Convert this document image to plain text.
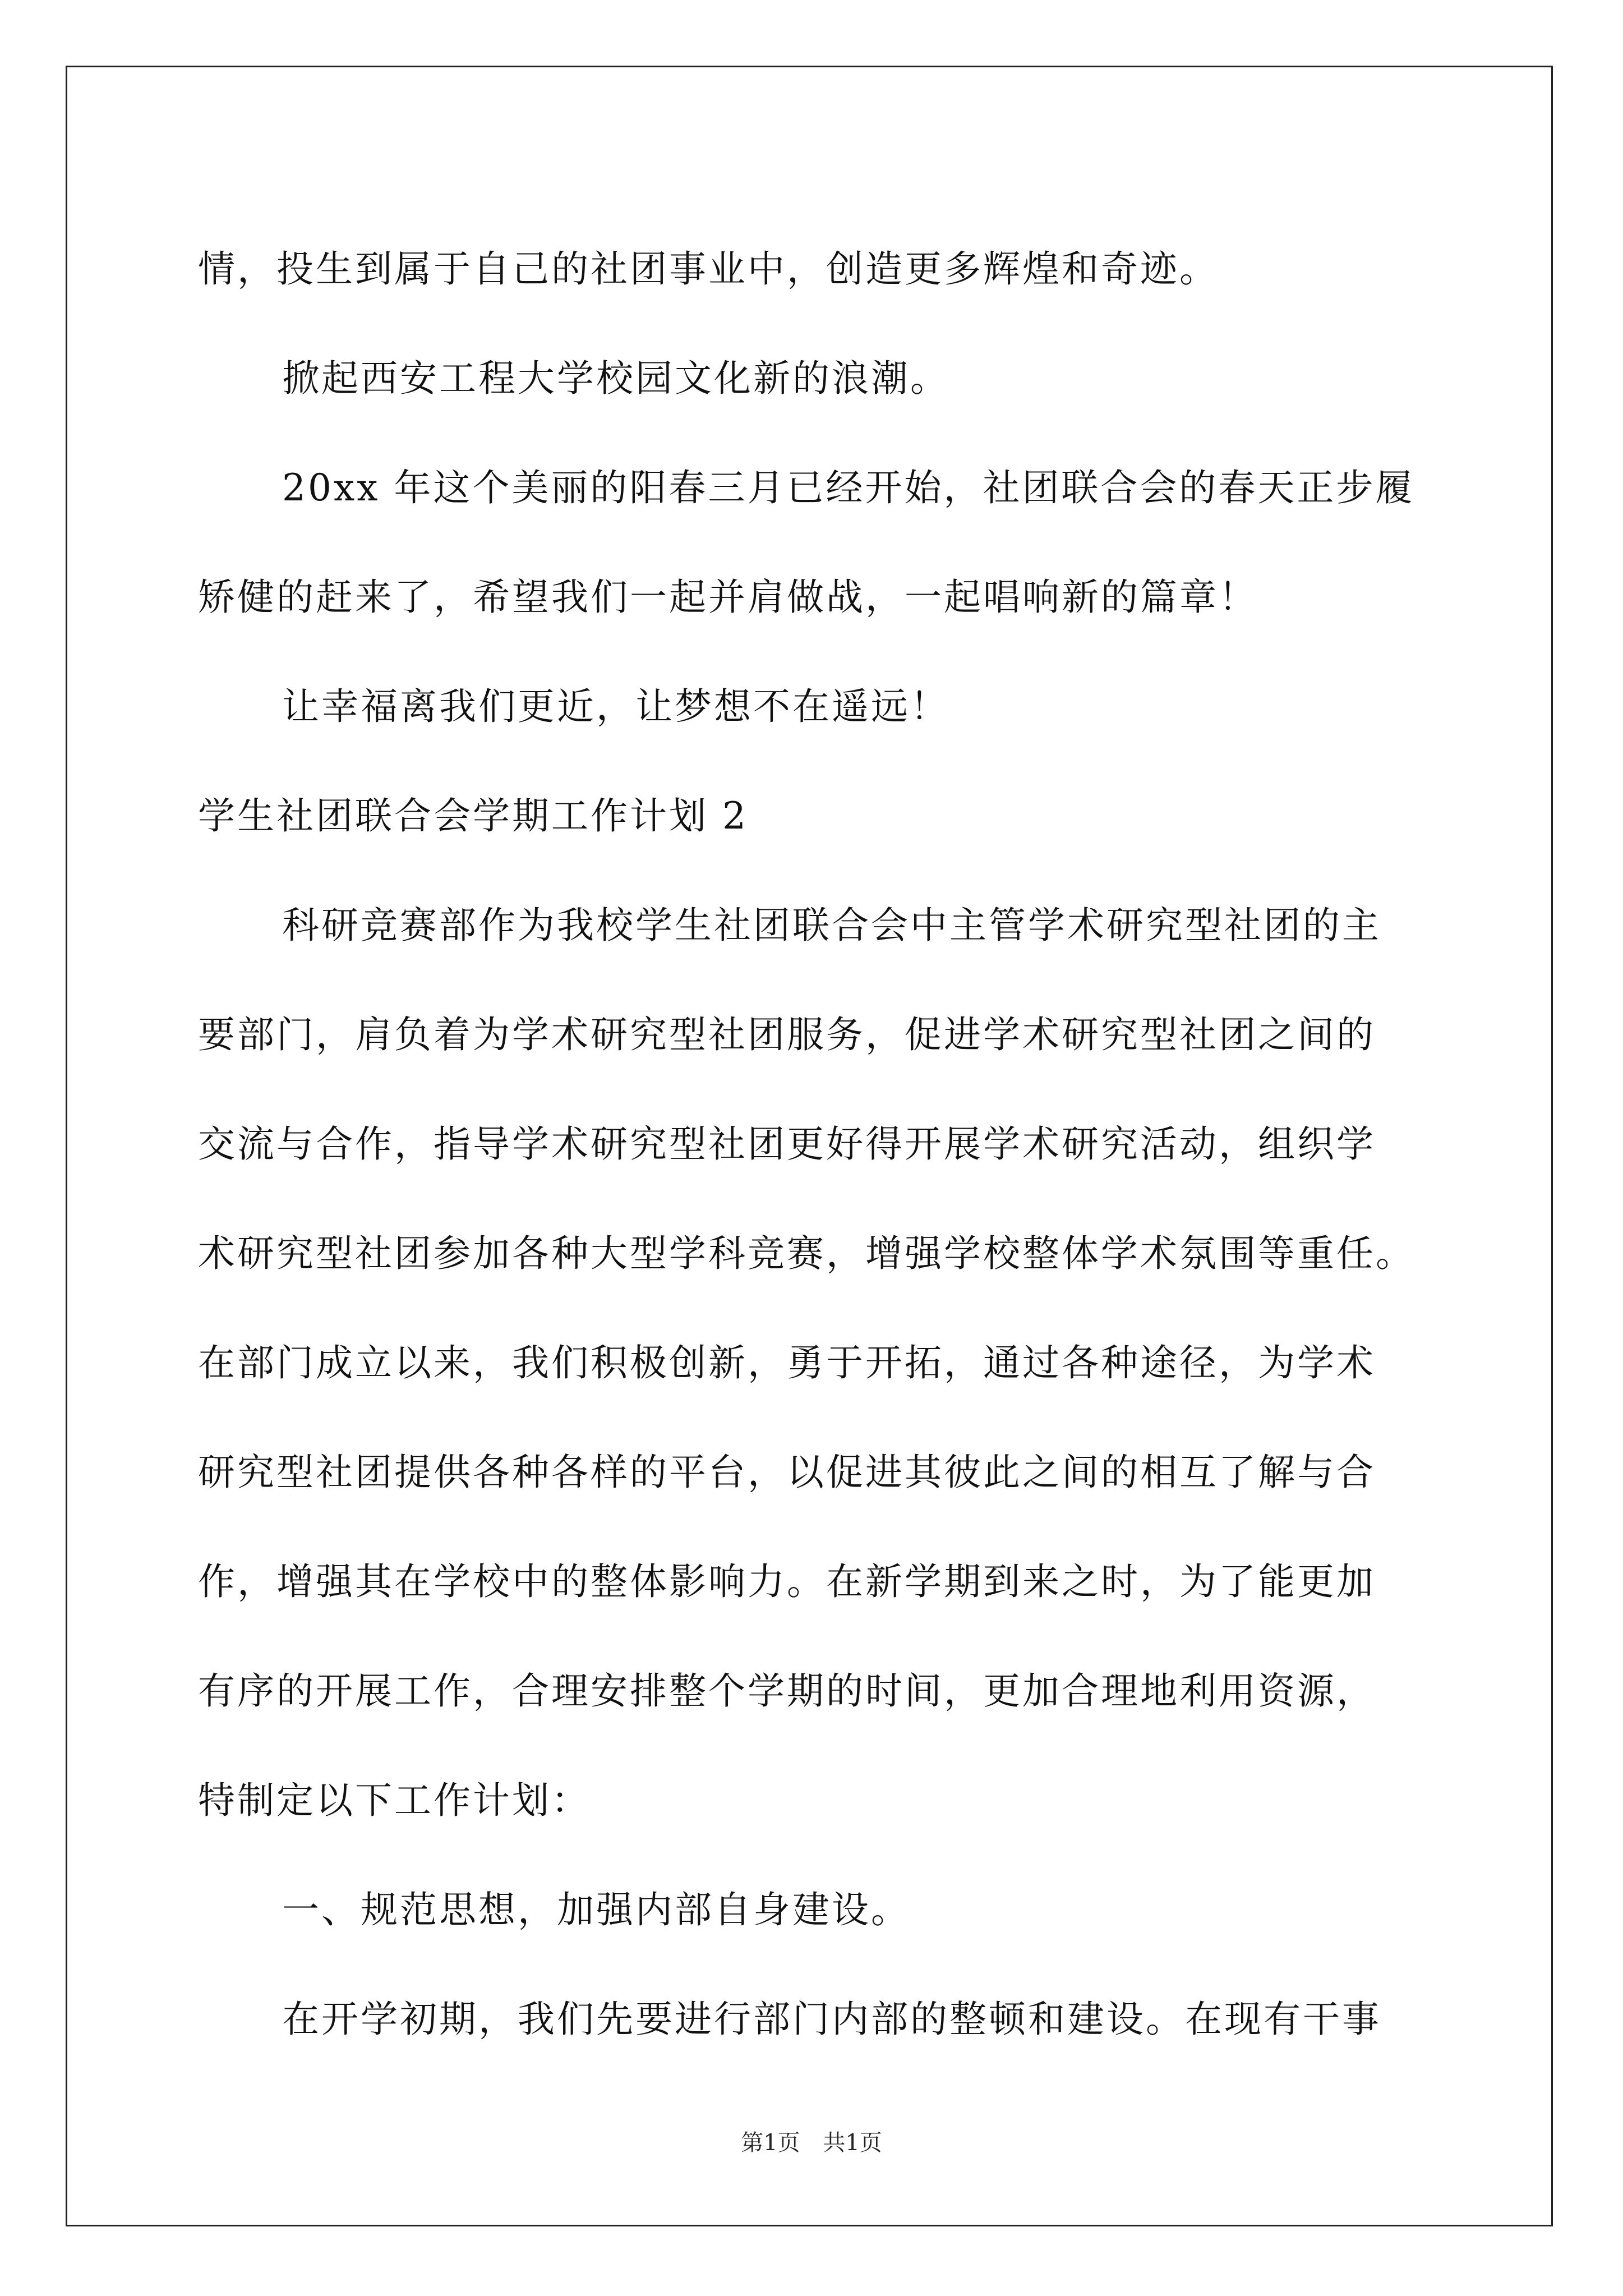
情，投生到属于自己的社团事业中，创造更多辉煌和奇迹。
掀起西安工程大学校园文化新的浪潮。
20xx 年这个美丽的阳春三月已经开始，社团联合会的春天正步履
矫健的赶来了，希望我们一起并肩做战，一起唱响新的篇章！
让幸福离我们更近，让梦想不在遥远！
学生社团联合会学期工作计划 2
科研竞赛部作为我校学生社团联合会中主管学术研究型社团的主
要部门，肩负着为学术研究型社团服务，促进学术研究型社团之间的
交流与合作，指导学术研究型社团更好得开展学术研究活动，组织学
术研究型社团参加各种大型学科竞赛，增强学校整体学术氛围等重任。
在部门成立以来，我们积极创新，勇于开拓，通过各种途径，为学术
研究型社团提供各种各样的平台，以促进其彼此之间的相互了解与合
作，增强其在学校中的整体影响力。在新学期到来之时，为了能更加
有序的开展工作，合理安排整个学期的时间，更加合理地利用资源，
特制定以下工作计划：
一、规范思想，加强内部自身建设。
在开学初期，我们先要进行部门内部的整顿和建设。在现有干事
第1页 共1页
